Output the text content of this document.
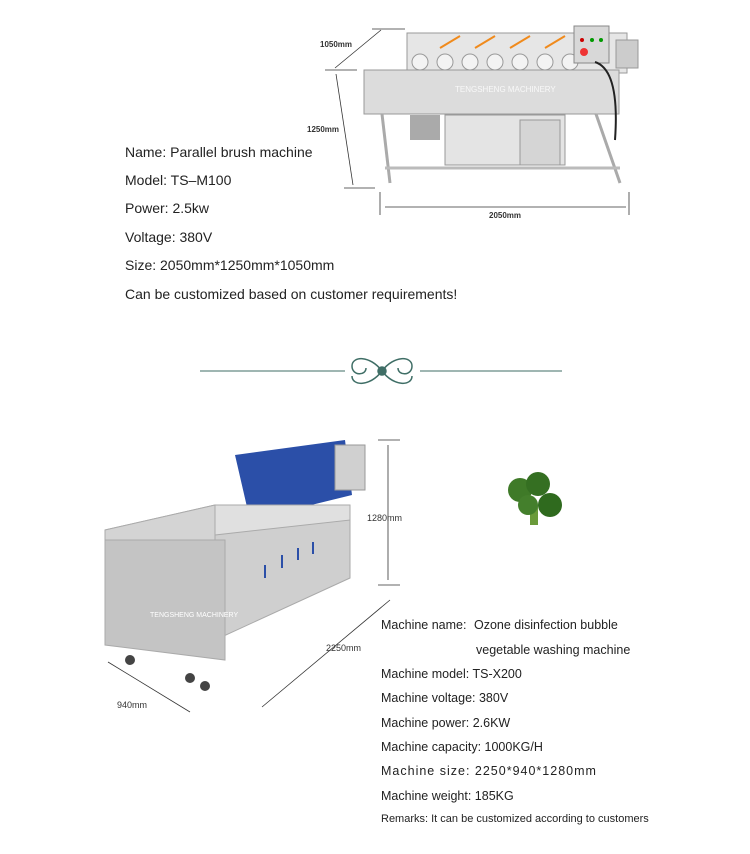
1050mm
1250mm
2050mm
TENGSHENG MACHINERY
Name: Parallel brush machine
Model: TS–M100
Power: 2.5kw
Voltage: 380V
Size: 2050mm*1250mm*1050mm
Can be customized based on customer requirements!
1280mm
2250mm
940mm
TENGSHENG MACHINERY
Machine name: Ozone disinfection bubble
vegetable washing machine
Machine model: TS-X200
Machine voltage: 380V
Machine power: 2.6KW
Machine capacity: 1000KG/H
Machine size: 2250*940*1280mm
Machine weight: 185KG
Remarks: It can be customized according to customers
